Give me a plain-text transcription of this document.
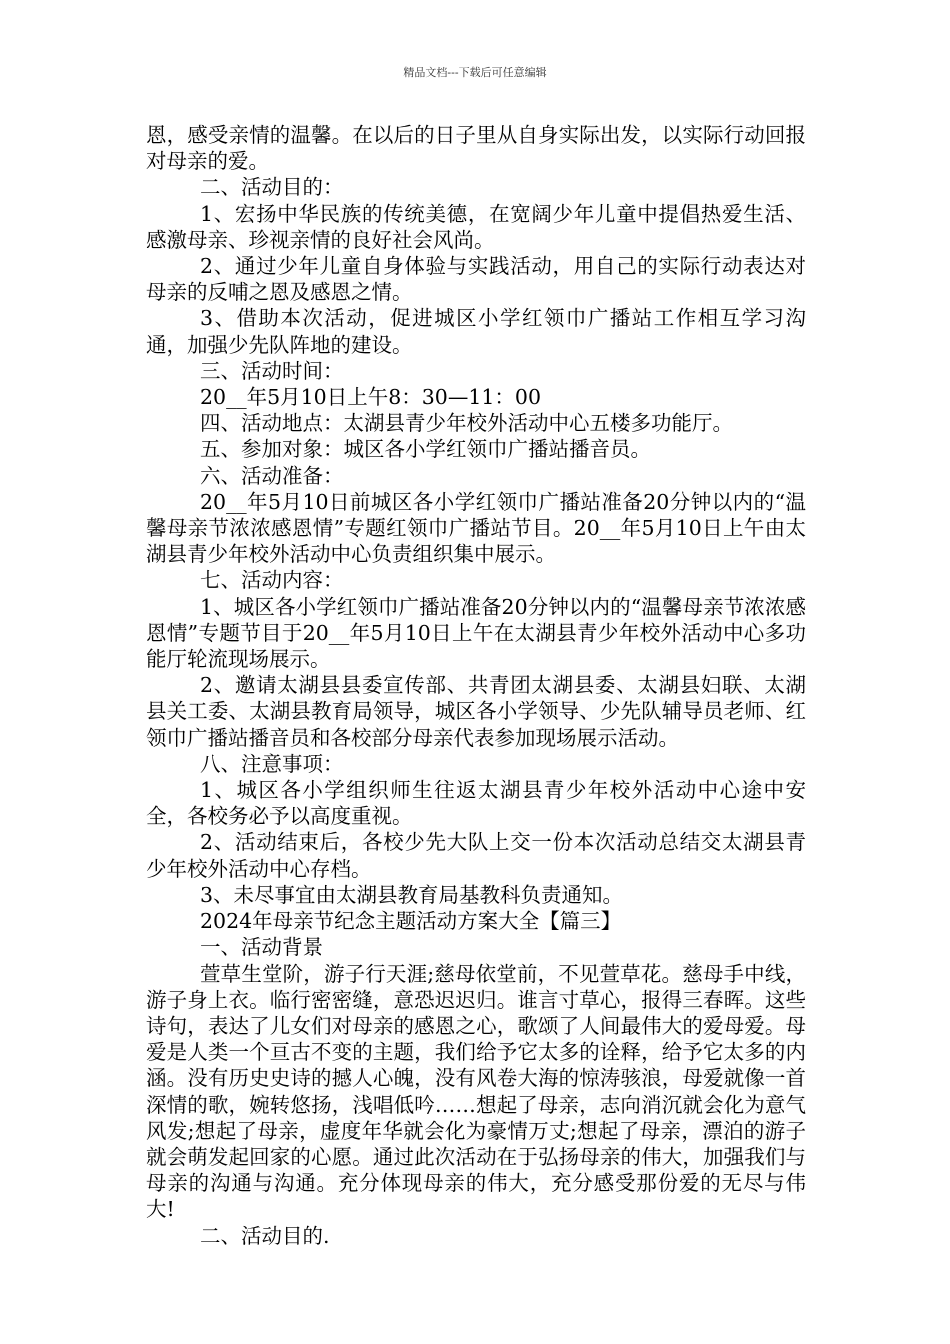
精品文档---下载后可任意编辑

恩，感受亲情的温馨。在以后的日子里从自身实际出发，以实际行动回报对母亲的爱。

二、活动目的：

1、宏扬中华民族的传统美德，在宽阔少年儿童中提倡热爱生活、感激母亲、珍视亲情的良好社会风尚。

2、通过少年儿童自身体验与实践活动，用自己的实际行动表达对母亲的反哺之恩及感恩之情。

3、借助本次活动，促进城区小学红领巾广播站工作相互学习沟通，加强少先队阵地的建设。

三、活动时间：

20__年5月10日上午8：30—11：00

四、活动地点：太湖县青少年校外活动中心五楼多功能厅。

五、参加对象：城区各小学红领巾广播站播音员。

六、活动准备：

20__年5月10日前城区各小学红领巾广播站准备20分钟以内的“温馨母亲节浓浓感恩情”专题红领巾广播站节目。20__年5月10日上午由太湖县青少年校外活动中心负责组织集中展示。

七、活动内容：

1、城区各小学红领巾广播站准备20分钟以内的“温馨母亲节浓浓感恩情”专题节目于20__年5月10日上午在太湖县青少年校外活动中心多功能厅轮流现场展示。

2、邀请太湖县县委宣传部、共青团太湖县委、太湖县妇联、太湖县关工委、太湖县教育局领导，城区各小学领导、少先队辅导员老师、红领巾广播站播音员和各校部分母亲代表参加现场展示活动。

八、注意事项：

1、城区各小学组织师生往返太湖县青少年校外活动中心途中安全，各校务必予以高度重视。

2、活动结束后，各校少先大队上交一份本次活动总结交太湖县青少年校外活动中心存档。

3、未尽事宜由太湖县教育局基教科负责通知。

2024年母亲节纪念主题活动方案大全【篇三】

一、活动背景

萱草生堂阶，游子行天涯;慈母依堂前，不见萱草花。慈母手中线，游子身上衣。临行密密缝，意恐迟迟归。谁言寸草心，报得三春晖。这些诗句，表达了儿女们对母亲的感恩之心，歌颂了人间最伟大的爱母爱。母爱是人类一个亘古不变的主题，我们给予它太多的诠释，给予它太多的内涵。没有历史史诗的撼人心魄，没有风卷大海的惊涛骇浪，母爱就像一首深情的歌，婉转悠扬，浅唱低吟……想起了母亲，志向消沉就会化为意气风发;想起了母亲，虚度年华就会化为豪情万丈;想起了母亲，漂泊的游子就会萌发起回家的心愿。通过此次活动在于弘扬母亲的伟大，加强我们与母亲的沟通与沟通。充分体现母亲的伟大，充分感受那份爱的无尽与伟大!

二、活动目的.
